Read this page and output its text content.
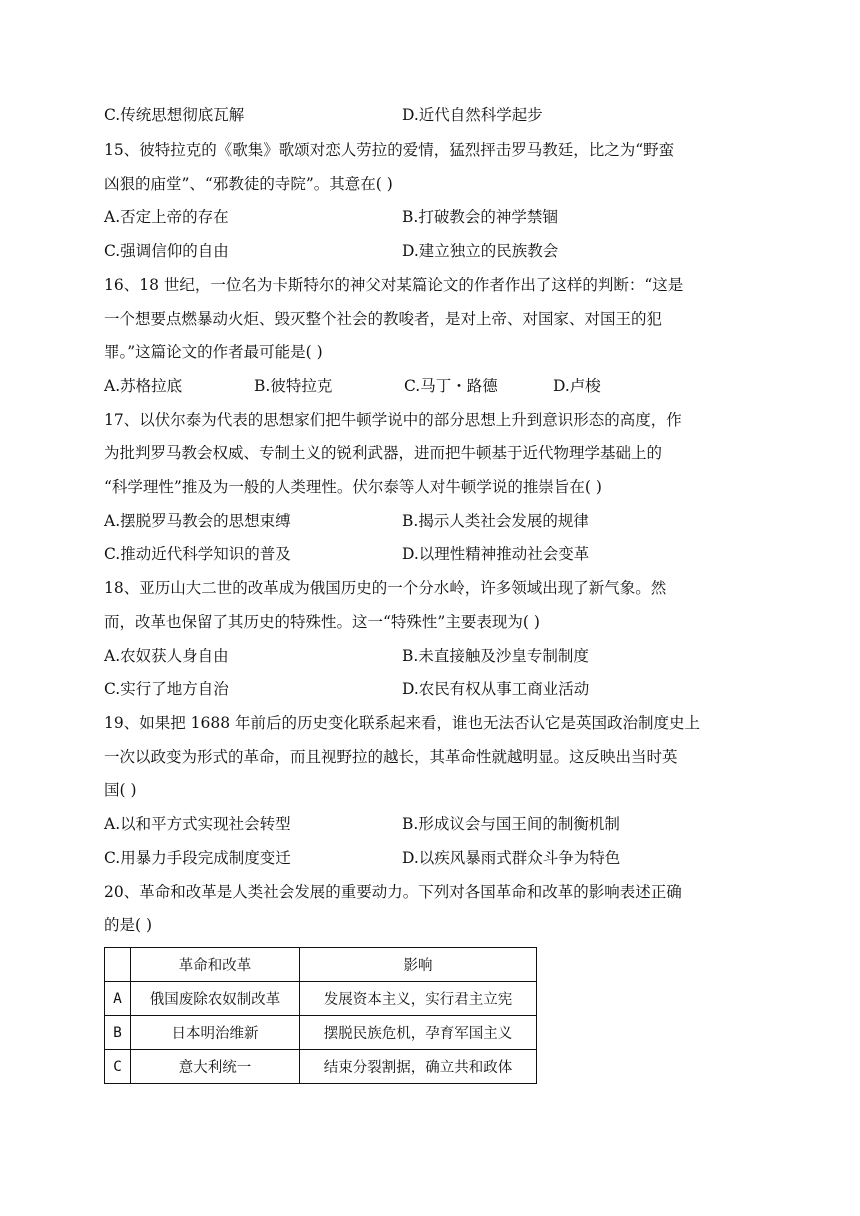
C.传统思想彻底瓦解	D.近代自然科学起步
15、彼特拉克的《歌集》歌颂对恋人劳拉的爱情，猛烈抨击罗马教廷，比之为“野蛮
凶狠的庙堂”、“邪教徒的寺院”。其意在( )
A.否定上帝的存在	B.打破教会的神学禁锢
C.强调信仰的自由	D.建立独立的民族教会
16、18 世纪，一位名为卡斯特尔的神父对某篇论文的作者作出了这样的判断：“这是
一个想要点燃暴动火炬、毁灭整个社会的教唆者，是对上帝、对国家、对国王的犯
罪。”这篇论文的作者最可能是( )
A.苏格拉底	B.彼特拉克	C.马丁・路德	D.卢梭
17、以伏尔泰为代表的思想家们把牛顿学说中的部分思想上升到意识形态的高度，作
为批判罗马教会权威、专制土义的锐利武器，进而把牛顿基于近代物理学基础上的
“科学理性”推及为一般的人类理性。伏尔泰等人对牛顿学说的推崇旨在( )
A.摆脱罗马教会的思想束缚	B.揭示人类社会发展的规律
C.推动近代科学知识的普及	D.以理性精神推动社会变革
18、亚历山大二世的改革成为俄国历史的一个分水岭，许多领域出现了新气象。然
而，改革也保留了其历史的特殊性。这一“特殊性”主要表现为( )
A.农奴获人身自由	B.未直接触及沙皇专制制度
C.实行了地方自治	D.农民有权从事工商业活动
19、如果把 1688 年前后的历史变化联系起来看，谁也无法否认它是英国政治制度史上
一次以政变为形式的革命，而且视野拉的越长，其革命性就越明显。这反映出当时英
国( )
A.以和平方式实现社会转型	B.形成议会与国王间的制衡机制
C.用暴力手段完成制度变迁	D.以疾风暴雨式群众斗争为特色
20、革命和改革是人类社会发展的重要动力。下列对各国革命和改革的影响表述正确
的是( )
	革命和改革	影响
A	俄国废除农奴制改革	发展资本主义，实行君主立宪
B	日本明治维新	摆脱民族危机，孕育军国主义
C	意大利统一	结束分裂割据，确立共和政体
